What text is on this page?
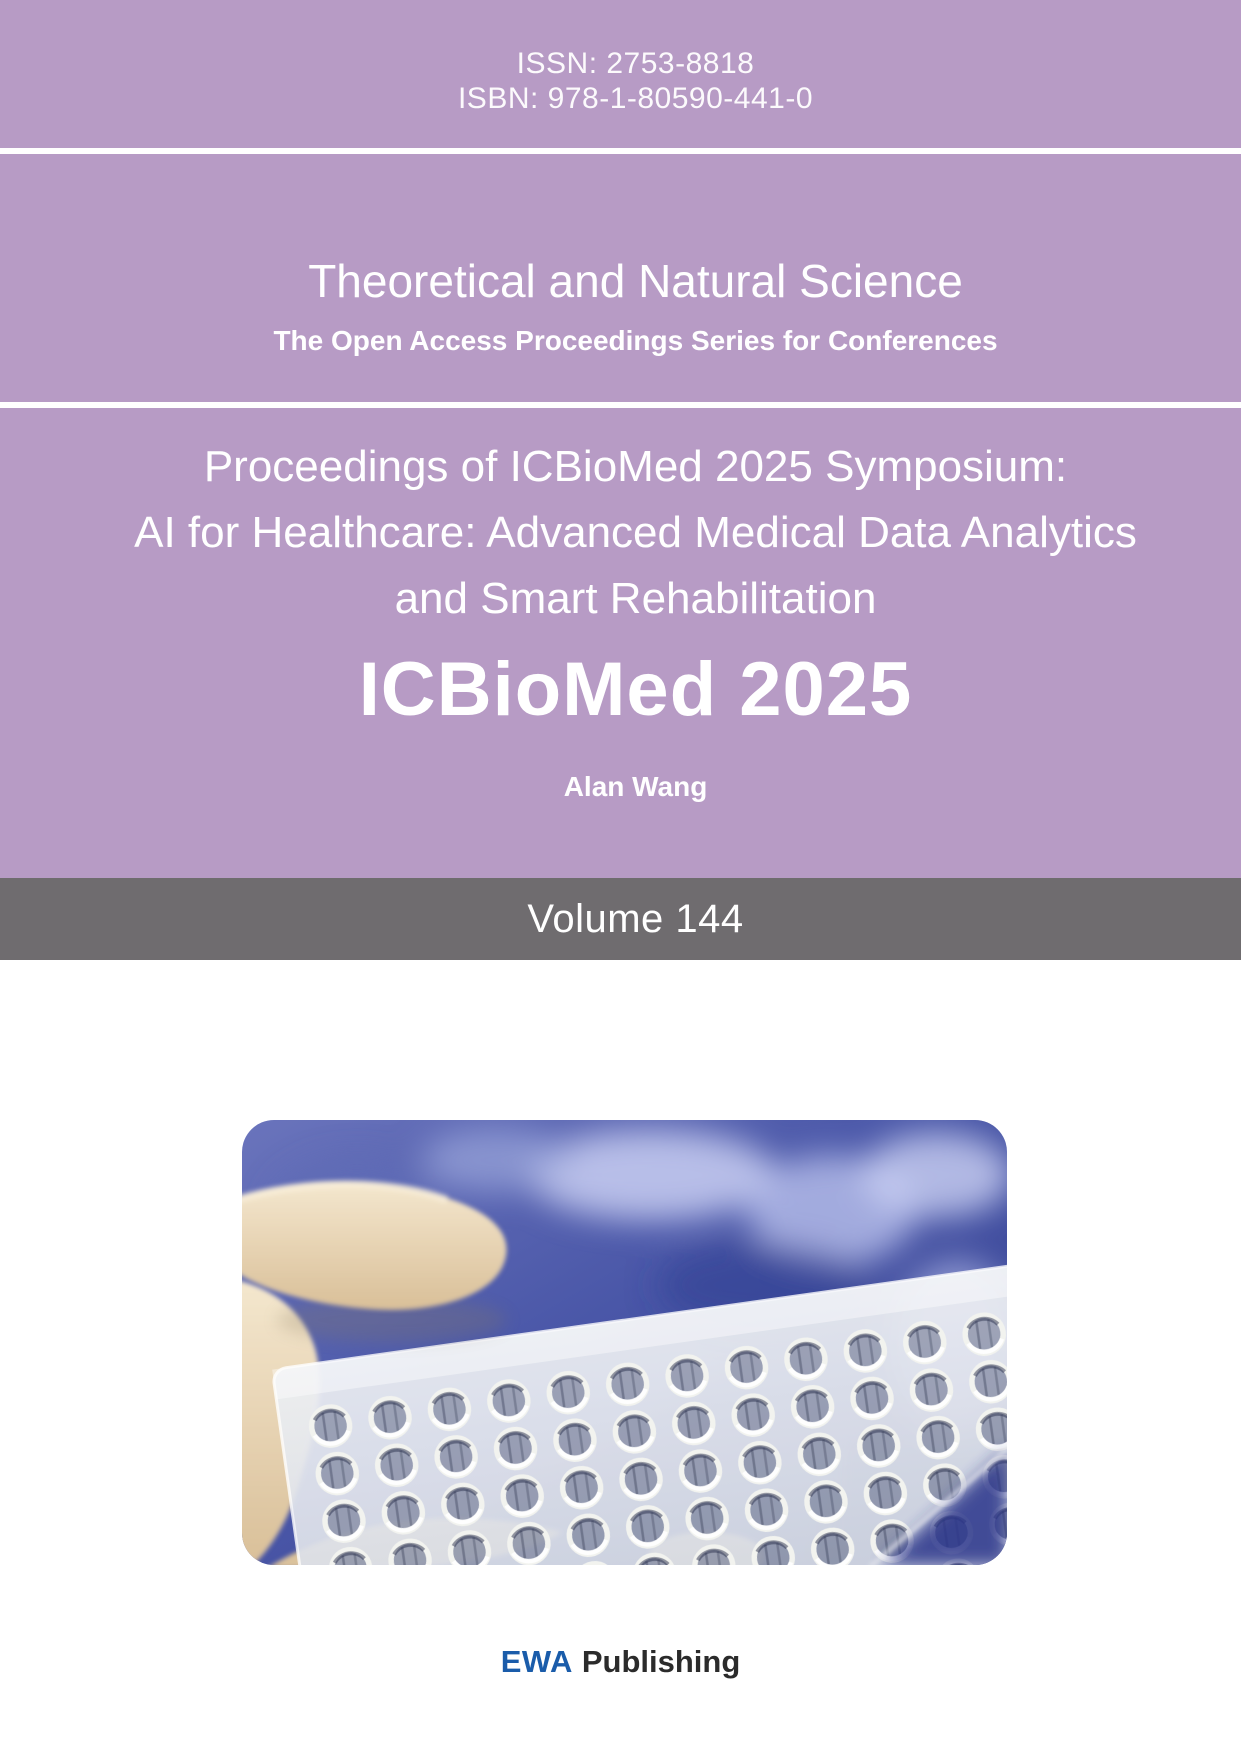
ISSN: 2753-8818
ISBN: 978-1-80590-441-0
Theoretical and Natural Science
The Open Access Proceedings Series for Conferences
Proceedings of ICBioMed 2025 Symposium:
AI for Healthcare: Advanced Medical Data Analytics
and Smart Rehabilitation
ICBioMed 2025
Alan Wang
Volume 144
EWA Publishing
